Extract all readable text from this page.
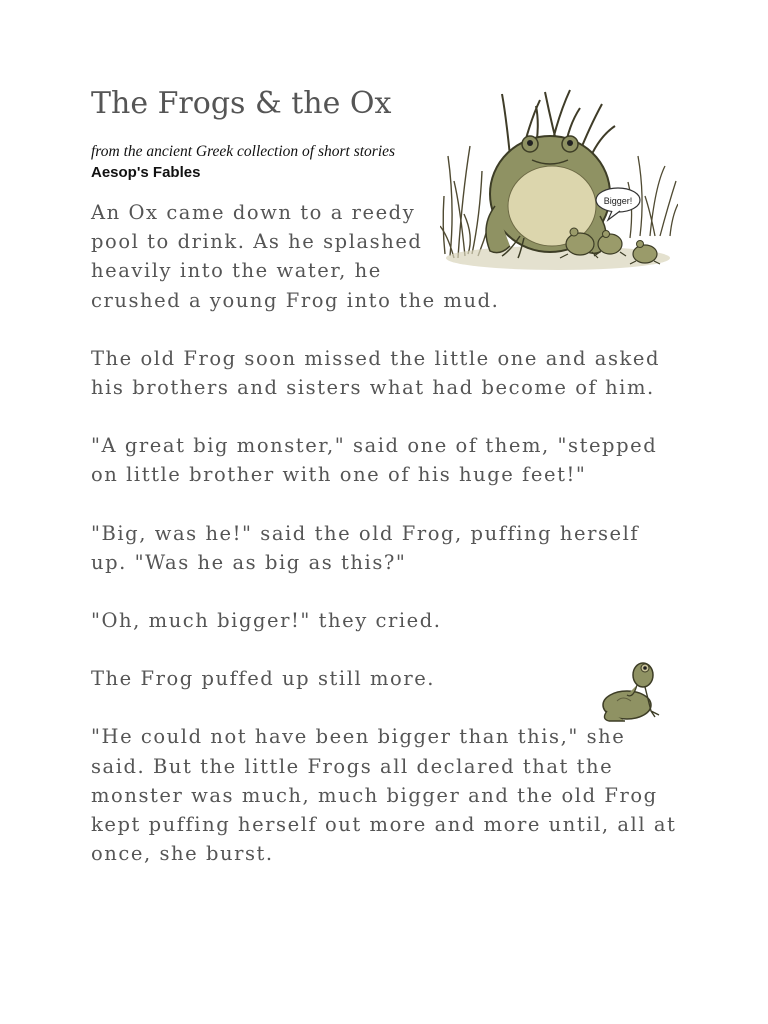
The Frogs & the Ox
from the ancient Greek collection of short stories Aesop's Fables
Bigger!

An Ox came down to a reedy pool to drink. As he splashed heavily into the water, he crushed a young Frog into the mud.

The old Frog soon missed the little one and asked his brothers and sisters what had become of him.

"A great big monster," said one of them, "stepped on little brother with one of his huge feet!"

"Big, was he!" said the old Frog, puffing herself up. "Was he as big as this?"

"Oh, much bigger!" they cried.

The Frog puffed up still more.

"He could not have been bigger than this," she said. But the little Frogs all declared that the monster was much, much bigger and the old Frog kept puffing herself out more and more until, all at once, she burst.
